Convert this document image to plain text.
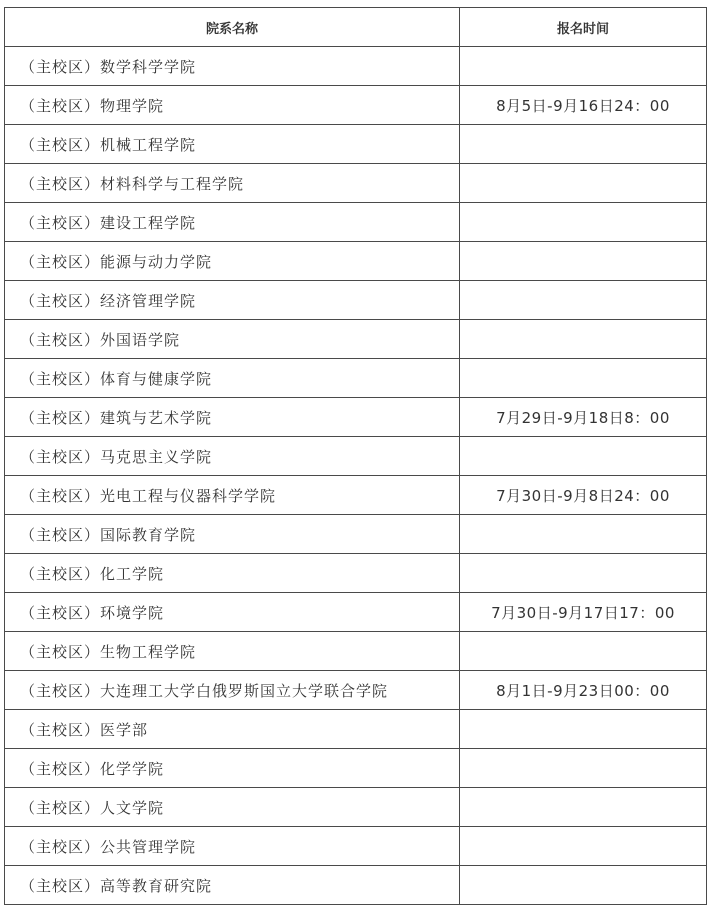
院系名称	报名时间
（主校区）数学科学学院	
（主校区）物理学院	8月5日-9月16日24：00
（主校区）机械工程学院	
（主校区）材料科学与工程学院	
（主校区）建设工程学院	
（主校区）能源与动力学院	
（主校区）经济管理学院	
（主校区）外国语学院	
（主校区）体育与健康学院	
（主校区）建筑与艺术学院	7月29日-9月18日8：00
（主校区）马克思主义学院	
（主校区）光电工程与仪器科学学院	7月30日-9月8日24：00
（主校区）国际教育学院	
（主校区）化工学院	
（主校区）环境学院	7月30日-9月17日17：00
（主校区）生物工程学院	
（主校区）大连理工大学白俄罗斯国立大学联合学院	8月1日-9月23日00：00
（主校区）医学部	
（主校区）化学学院	
（主校区）人文学院	
（主校区）公共管理学院	
（主校区）高等教育研究院	
